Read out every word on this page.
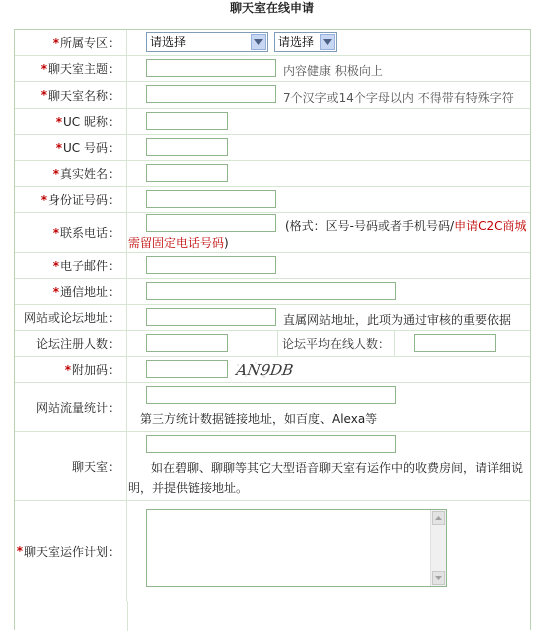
聊天室在线申请
* 所属专区：	请选择	请选择
* 聊天室主题：	内容健康 积极向上
* 聊天室名称：	7个汉字或14个字母以内 不得带有特殊字符
* UC 昵称：
* UC 号码：
* 真实姓名：
* 身份证号码：
* 联系电话：	(格式：区号-号码或者手机号码/申请C2C商城
需留固定电话号码)
* 电子邮件：
* 通信地址：
网站或论坛地址：	直属网站地址，此项为通过审核的重要依据
论坛注册人数：	论坛平均在线人数：
* 附加码：	AN9DB
网站流量统计：
第三方统计数据链接地址，如百度、Alexa等
聊天室：	如在碧聊、聊聊等其它大型语音聊天室有运作中的收费房间，请详细说
明，并提供链接地址。
* 聊天室运作计划：
